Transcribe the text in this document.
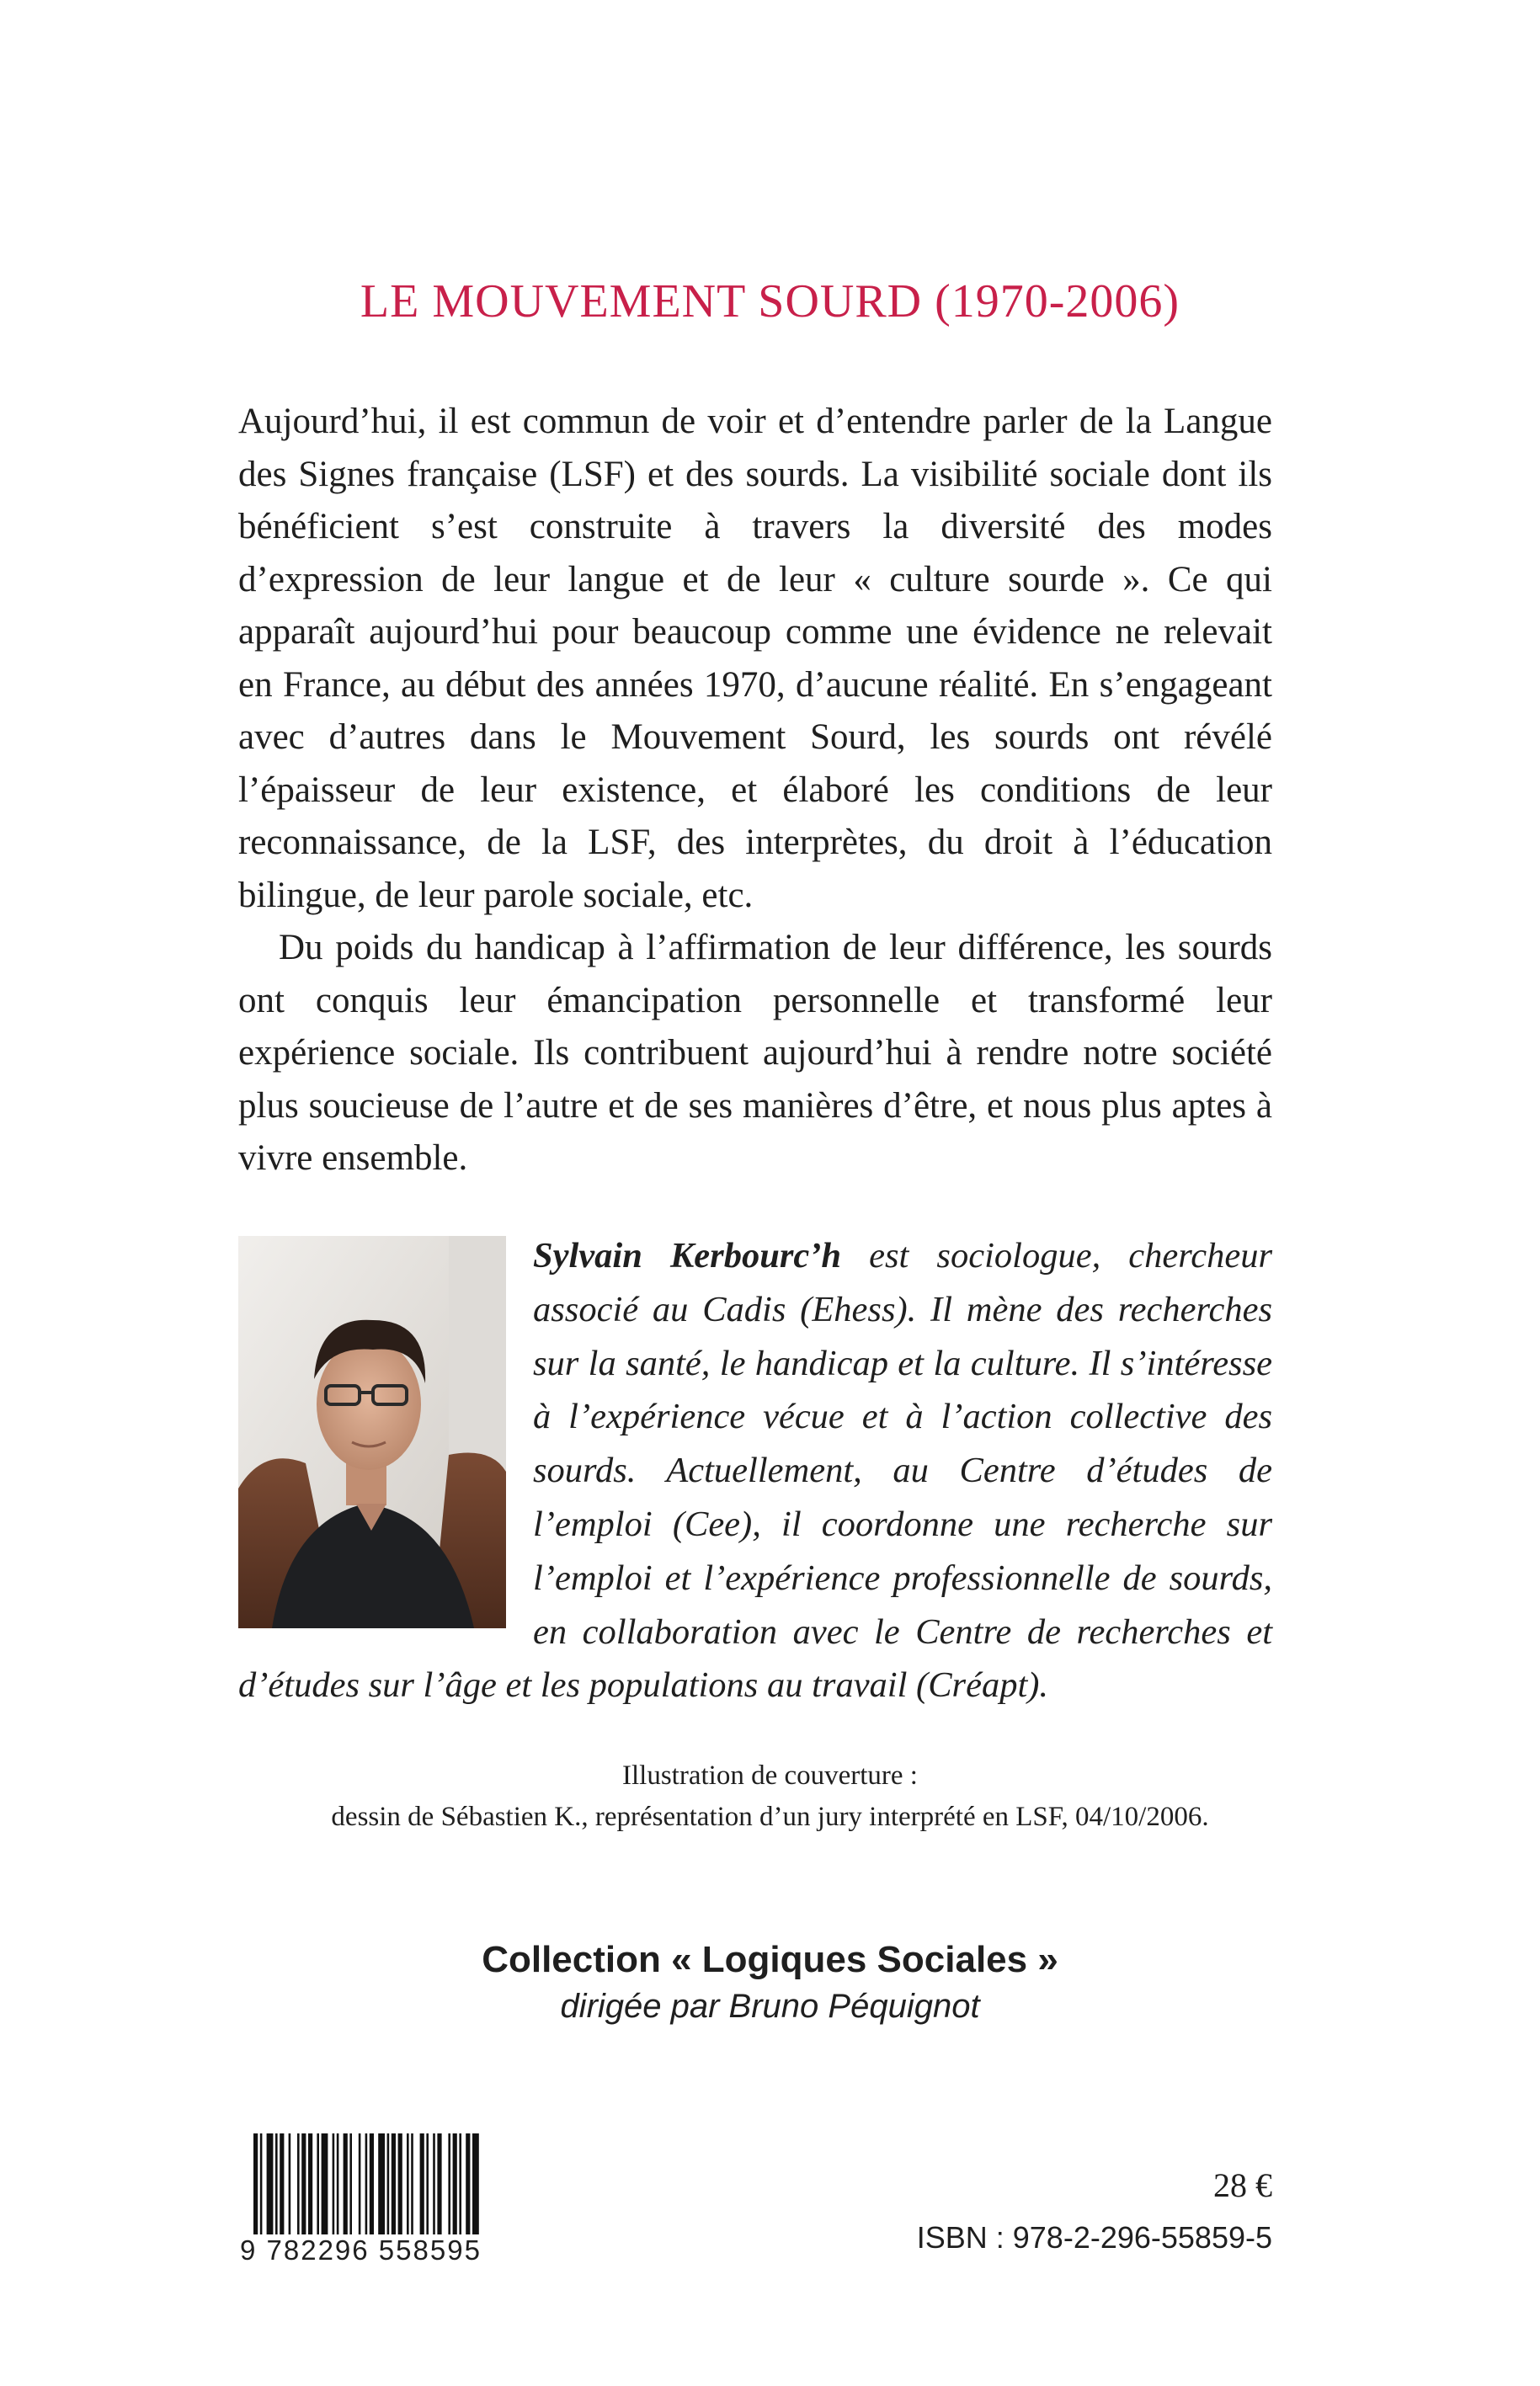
LE MOUVEMENT SOURD (1970-2006)

Aujourd’hui, il est commun de voir et d’entendre parler de la Langue des Signes française (LSF) et des sourds. La visibilité sociale dont ils bénéficient s’est construite à travers la diversité des modes d’expression de leur langue et de leur « culture sourde ». Ce qui apparaît aujourd’hui pour beaucoup comme une évidence ne relevait en France, au début des années 1970, d’aucune réalité. En s’engageant avec d’autres dans le Mouvement Sourd, les sourds ont révélé l’épaisseur de leur existence, et élaboré les conditions de leur reconnaissance, de la LSF, des interprètes, du droit à l’éducation bilingue, de leur parole sociale, etc.

Du poids du handicap à l’affirmation de leur différence, les sourds ont conquis leur émancipation personnelle et transformé leur expérience sociale. Ils contribuent aujourd’hui à rendre notre société plus soucieuse de l’autre et de ses manières d’être, et nous plus aptes à vivre ensemble.

Sylvain Kerbourc’h est sociologue, chercheur associé au Cadis (Ehess). Il mène des recherches sur la santé, le handicap et la culture. Il s’intéresse à l’expérience vécue et à l’action collective des sourds. Actuellement, au Centre d’études de l’emploi (Cee), il coordonne une recherche sur l’emploi et l’expérience professionnelle de sourds, en collaboration avec le Centre de recherches et d’études sur l’âge et les populations au travail (Créapt).

Illustration de couverture :
dessin de Sébastien K., représentation d’un jury interprété en LSF, 04/10/2006.
Collection « Logiques Sociales »
dirigée par Bruno Péquignot
9 782296 558595
28 €
ISBN : 978-2-296-55859-5
